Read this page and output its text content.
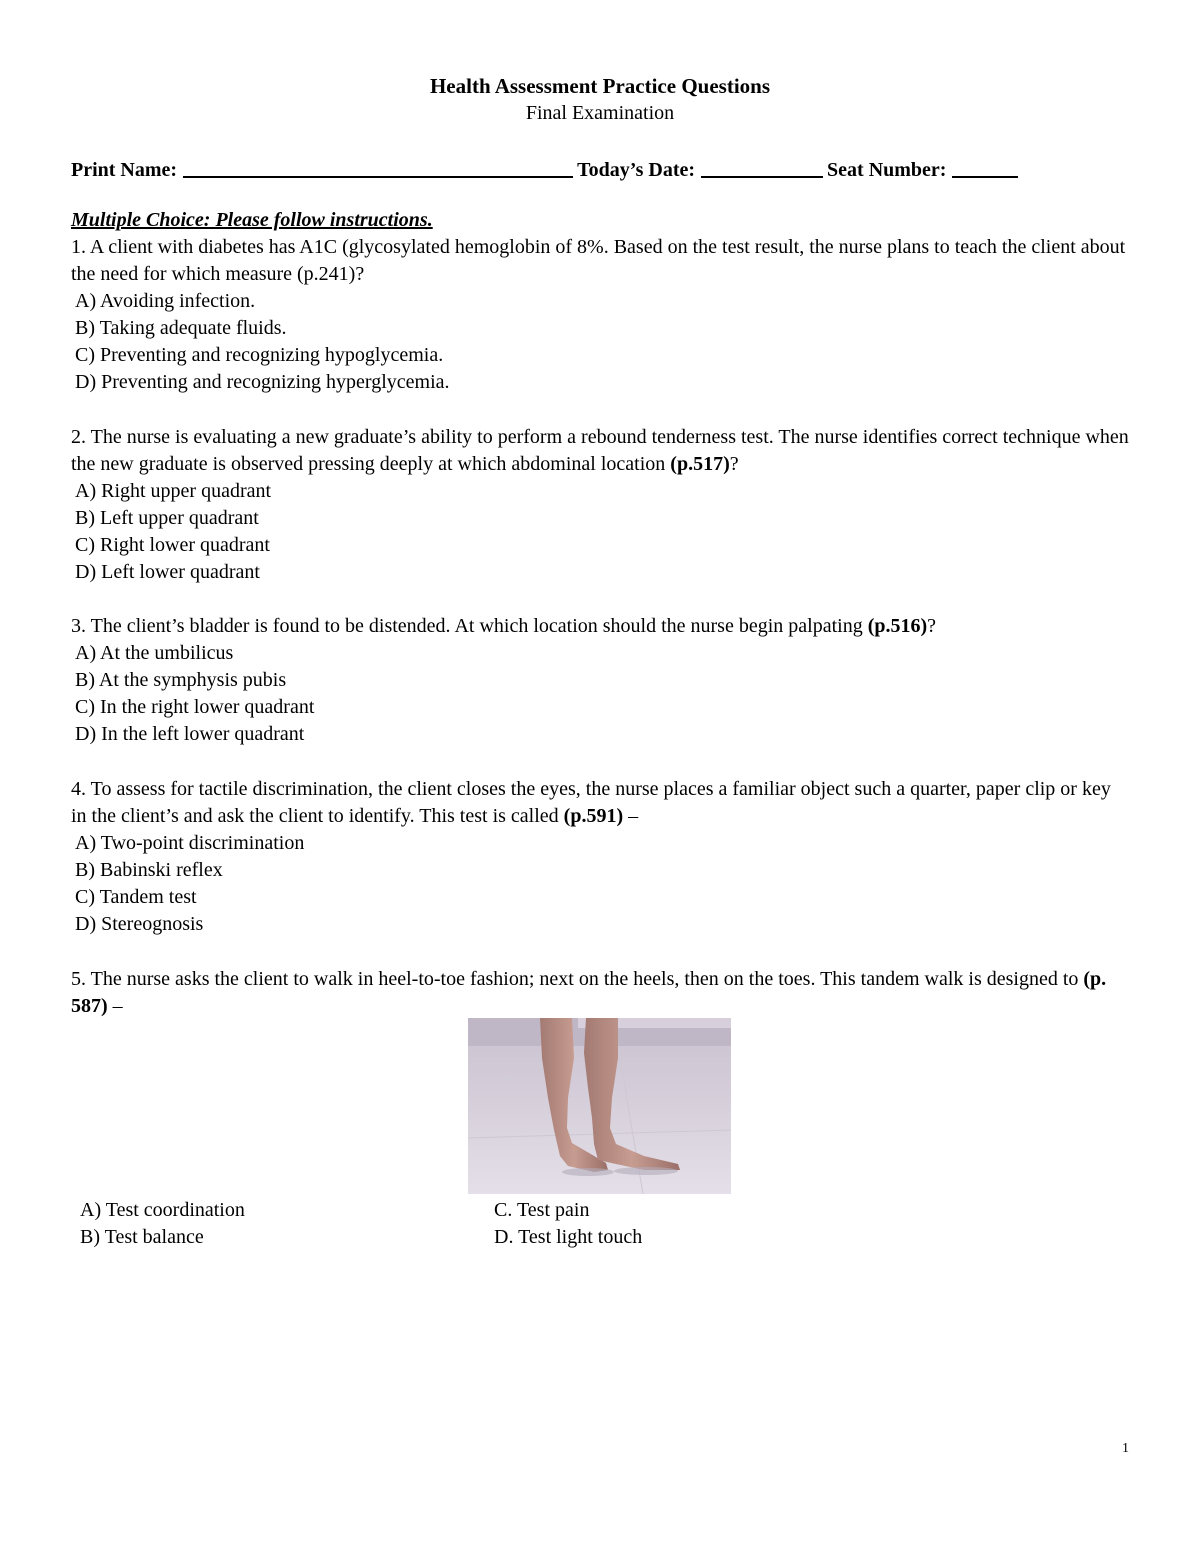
Health Assessment Practice Questions
Final Examination
Print Name:	Today’s Date:	Seat Number:
Multiple Choice: Please follow instructions.

1. A client with diabetes has A1C (glycosylated hemoglobin of 8%. Based on the test result, the nurse plans to teach the client about the need for which measure (p.241)?

A) Avoiding infection.

B) Taking adequate fluids.

C) Preventing and recognizing hypoglycemia.

D) Preventing and recognizing hyperglycemia.

2. The nurse is evaluating a new graduate’s ability to perform a rebound tenderness test. The nurse identifies correct technique when the new graduate is observed pressing deeply at which abdominal location (p.517)?

A) Right upper quadrant

B) Left upper quadrant

C) Right lower quadrant

D) Left lower quadrant

3. The client’s bladder is found to be distended. At which location should the nurse begin palpating (p.516)?

A) At the umbilicus

B) At the symphysis pubis

C) In the right lower quadrant

D) In the left lower quadrant

4. To assess for tactile discrimination, the client closes the eyes, the nurse places a familiar object such a quarter, paper clip or key in the client’s and ask the client to identify. This test is called (p.591) –

A) Two-point discrimination

B) Babinski reflex

C) Tandem test

D) Stereognosis

5. The nurse asks the client to walk in heel-to-toe fashion; next on the heels, then on the toes. This tandem walk is designed to (p. 587) –

A) Test coordination
B) Test balance
C. Test pain
D. Test light touch
1
